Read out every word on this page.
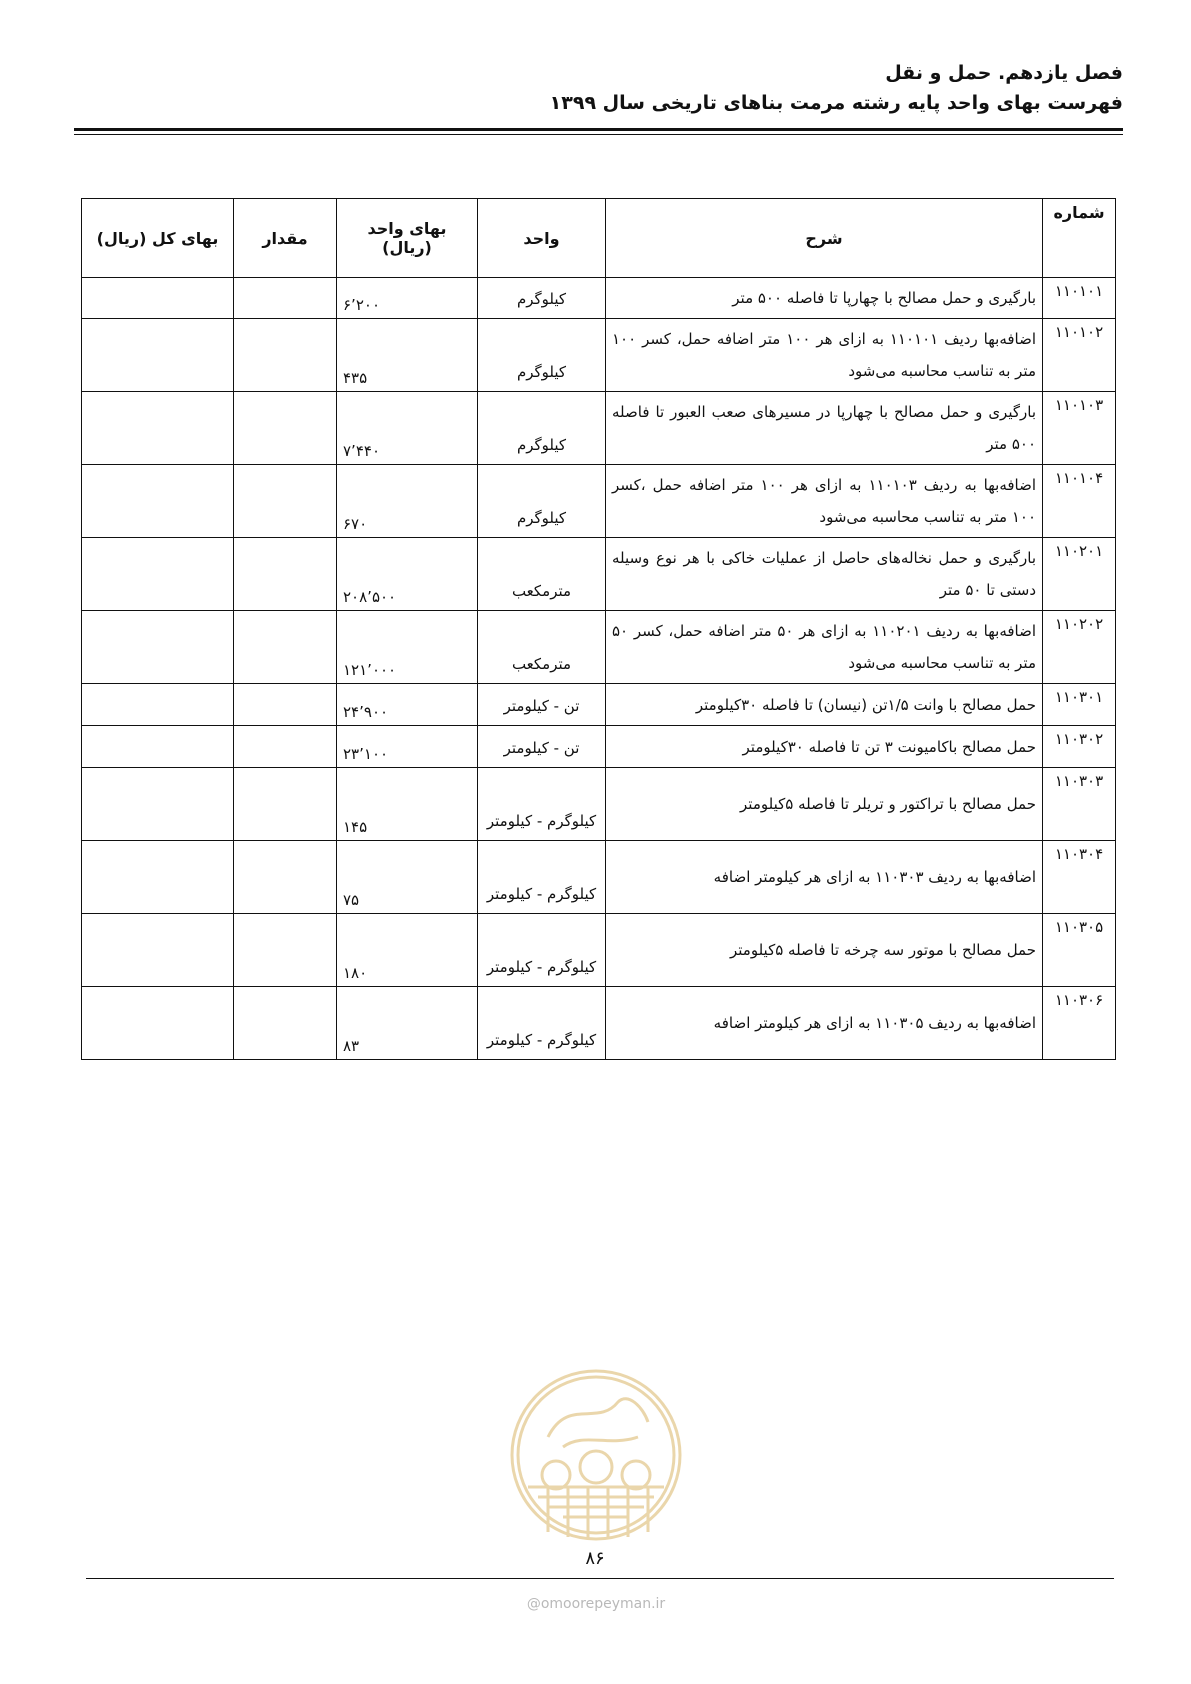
فصل یازدهم. حمل و نقل
فهرست بهای واحد پایه رشته مرمت بناهای تاریخی سال ۱۳۹۹
شماره	شرح	واحد	بهای واحد (ریال)	مقدار	بهای کل (ریال)
۱۱۰۱۰۱	بارگیری و حمل مصالح با چهارپا تا فاصله ۵۰۰ متر	کیلوگرم	۶٬۲۰۰		
۱۱۰۱۰۲	اضافه‌بها ردیف ۱۱۰۱۰۱ به ازای هر ۱۰۰ متر اضافه حمل، کسر ۱۰۰ متر به تناسب محاسبه می‌شود	کیلوگرم	۴۳۵		
۱۱۰۱۰۳	بارگیری و حمل مصالح با چهارپا در مسیرهای صعب العبور تا فاصله ۵۰۰ متر	کیلوگرم	۷٬۴۴۰		
۱۱۰۱۰۴	اضافه‌بها به ردیف ۱۱۰۱۰۳ به ازای هر ۱۰۰ متر اضافه حمل ،کسر ۱۰۰ متر به تناسب محاسبه می‌شود	کیلوگرم	۶۷۰		
۱۱۰۲۰۱	بارگیری و حمل نخاله‌های حاصل از عملیات خاکی با هر نوع وسیله دستی تا ۵۰ متر	مترمکعب	۲۰۸٬۵۰۰		
۱۱۰۲۰۲	اضافه‌بها به ردیف ۱۱۰۲۰۱ به ازای هر ۵۰ متر اضافه حمل، کسر ۵۰ متر به تناسب محاسبه می‌شود	مترمکعب	۱۲۱٬۰۰۰		
۱۱۰۳۰۱	حمل مصالح با وانت ۱/۵تن (نیسان) تا فاصله ۳۰کیلومتر	تن - کیلومتر	۲۴٬۹۰۰		
۱۱۰۳۰۲	حمل مصالح باکامیونت ۳ تن تا فاصله ۳۰کیلومتر	تن - کیلومتر	۲۳٬۱۰۰		
۱۱۰۳۰۳	حمل مصالح با تراکتور و تریلر تا فاصله ۵کیلومتر	کیلوگرم - کیلومتر	۱۴۵		
۱۱۰۳۰۴	اضافه‌بها به ردیف ۱۱۰۳۰۳ به ازای هر کیلومتر اضافه	کیلوگرم - کیلومتر	۷۵		
۱۱۰۳۰۵	حمل مصالح با موتور سه چرخه تا فاصله ۵کیلومتر	کیلوگرم - کیلومتر	۱۸۰		
۱۱۰۳۰۶	اضافه‌بها به ردیف ۱۱۰۳۰۵ به ازای هر کیلومتر اضافه	کیلوگرم - کیلومتر	۸۳		
۸۶
@omoorepeyman.ir
